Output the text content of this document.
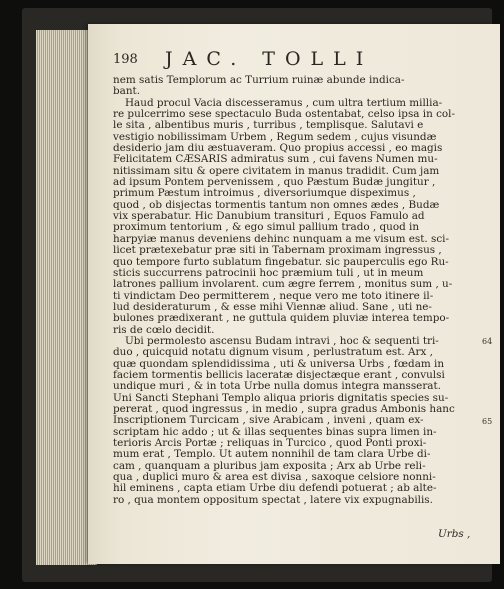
198 JAC. TOLLI
nem satis Templorum ac Turrium ruinæ abunde indica-
bant.
Haud procul Vacia discesseramus , cum ultra tertium millia-
re pulcerrimo sese spectaculo Buda ostentabat, celso ipsa in col-
le sita , albentibus muris , turribus , templisque. Salutavi e
vestigio nobilissimam Urbem , Regum sedem , cujus visundæ
desiderio jam diu æstuaveram. Quo propius accessi , eo magis
Felicitatem CÆSARIS admiratus sum , cui favens Numen mu-
nitissimam situ & opere civitatem in manus tradidit. Cum jam
ad ipsum Pontem pervenissem , quo Pæstum Budæ jungitur ,
primum Pæstum introimus , diversoriumque dispeximus ,
quod , ob disjectas tormentis tantum non omnes ædes , Budæ
vix sperabatur. Hic Danubium transituri , Equos Famulo ad
proximum tentorium , & ego simul pallium trado , quod in
harpyiæ manus deveniens dehinc nunquam a me visum est. sci-
licet prætexebatur præ siti in Tabernam proximam ingressus ,
quo tempore furto sublatum fingebatur. sic pauperculis ego Ru-
sticis succurrens patrocinii hoc præmium tuli , ut in meum
latrones pallium involarent. cum ægre ferrem , monitus sum , u-
ti vindictam Deo permitterem , neque vero me toto itinere il-
lud desideraturum , & esse mihi Viennæ aliud. Sane , uti ne-
bulones prædixerant , ne guttula quidem pluviæ interea tempo-
ris de cœlo decidit.
Ubi permolesto ascensu Budam intravi , hoc & sequenti tri-
duo , quicquid notatu dignum visum , perlustratum est. Arx ,
quæ quondam splendidissima , uti & universa Urbs , fœdam in
faciem tormentis bellicis laceratæ disjectæque erant , convulsi
undique muri , & in tota Urbe nulla domus integra mansserat.
Uni Sancti Stephani Templo aliqua prioris dignitatis species su-
pererat , quod ingressus , in medio , supra gradus Ambonis hanc
Inscriptionem Turcicam , sive Arabicam , inveni , quam ex-
scriptam hic addo ; ut & illas sequentes binas supra limen in-
terioris Arcis Portæ ; reliquas in Turcico , quod Ponti proxi-
mum erat , Templo. Ut autem nonnihil de tam clara Urbe di-
cam , quanquam a pluribus jam exposita ; Arx ab Urbe reli-
qua , duplici muro & area est divisa , saxoque celsiore nonni-
hil eminens , capta etiam Urbe diu defendi potuerat ; ab alte-
ro , qua montem oppositum spectat , latere vix expugnabilis.
Urbs ,
64
65
